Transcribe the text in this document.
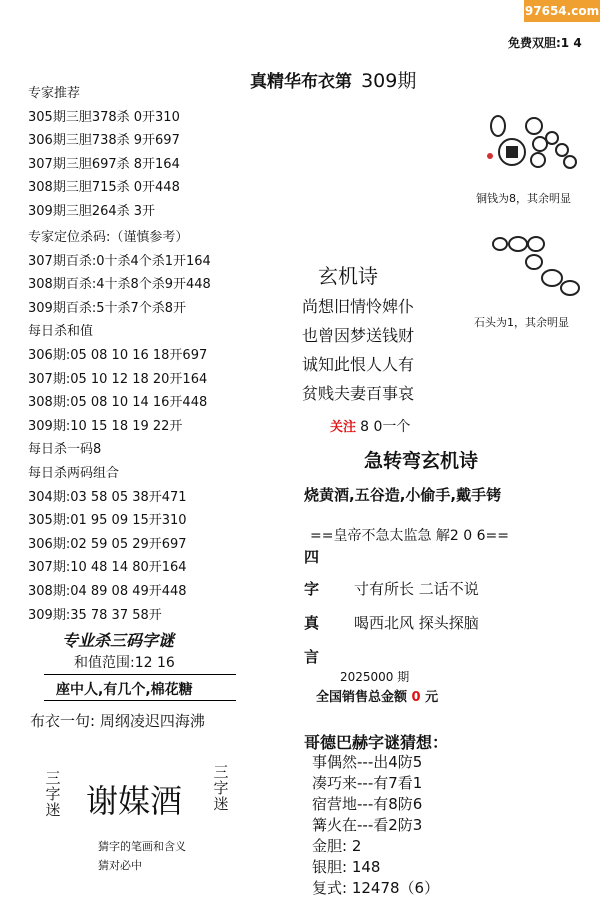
97654.com
免费双胆:1 4
真精华布衣第 309期
专家推荐
305期三胆378杀 0开310
306期三胆738杀 9开697
307期三胆697杀 8开164
308期三胆715杀 0开448
309期三胆264杀 3开
专家定位杀码:（谨慎参考）
307期百杀:0十杀4个杀1开164
308期百杀:4十杀8个杀9开448
309期百杀:5十杀7个杀8开
每日杀和值
306期:05 08 10 16 18开697
307期:05 10 12 18 20开164
308期:05 08 10 14 16开448
309期:10 15 18 19 22开
每日杀一码8
每日杀两码组合
304期:03 58 05 38开471
305期:01 95 09 15开310
306期:02 59 05 29开697
307期:10 48 14 80开164
308期:04 89 08 49开448
309期:35 78 37 58开
专业杀三码字谜
和值范围:12 16
座中人,有几个,棉花糖
布衣一句: 周纲凌迟四海沸
三字迷 谢媒酒
三字迷
猜字的笔画和含义
猜对必中
铜钱为8，其余明显
石头为1，其余明显
玄机诗
尚想旧情怜婢仆
也曾因梦送钱财
诚知此恨人人有
贫贱夫妻百事哀
关注 8 0一个
急转弯玄机诗
烧黄酒,五谷造,小偷手,戴手铐
==皇帝不急太监急 解2 0 6==
四
字 寸有所长 二话不说
真 喝西北风 探头探脑
言
2025000 期
全国销售总金额 0 元
哥德巴赫字谜猜想：
事偶然---出4防5
凑巧来---有7看1
宿营地---有8防6
篝火在---看2防3
金胆: 2
银胆: 148
复式: 12478（6）
